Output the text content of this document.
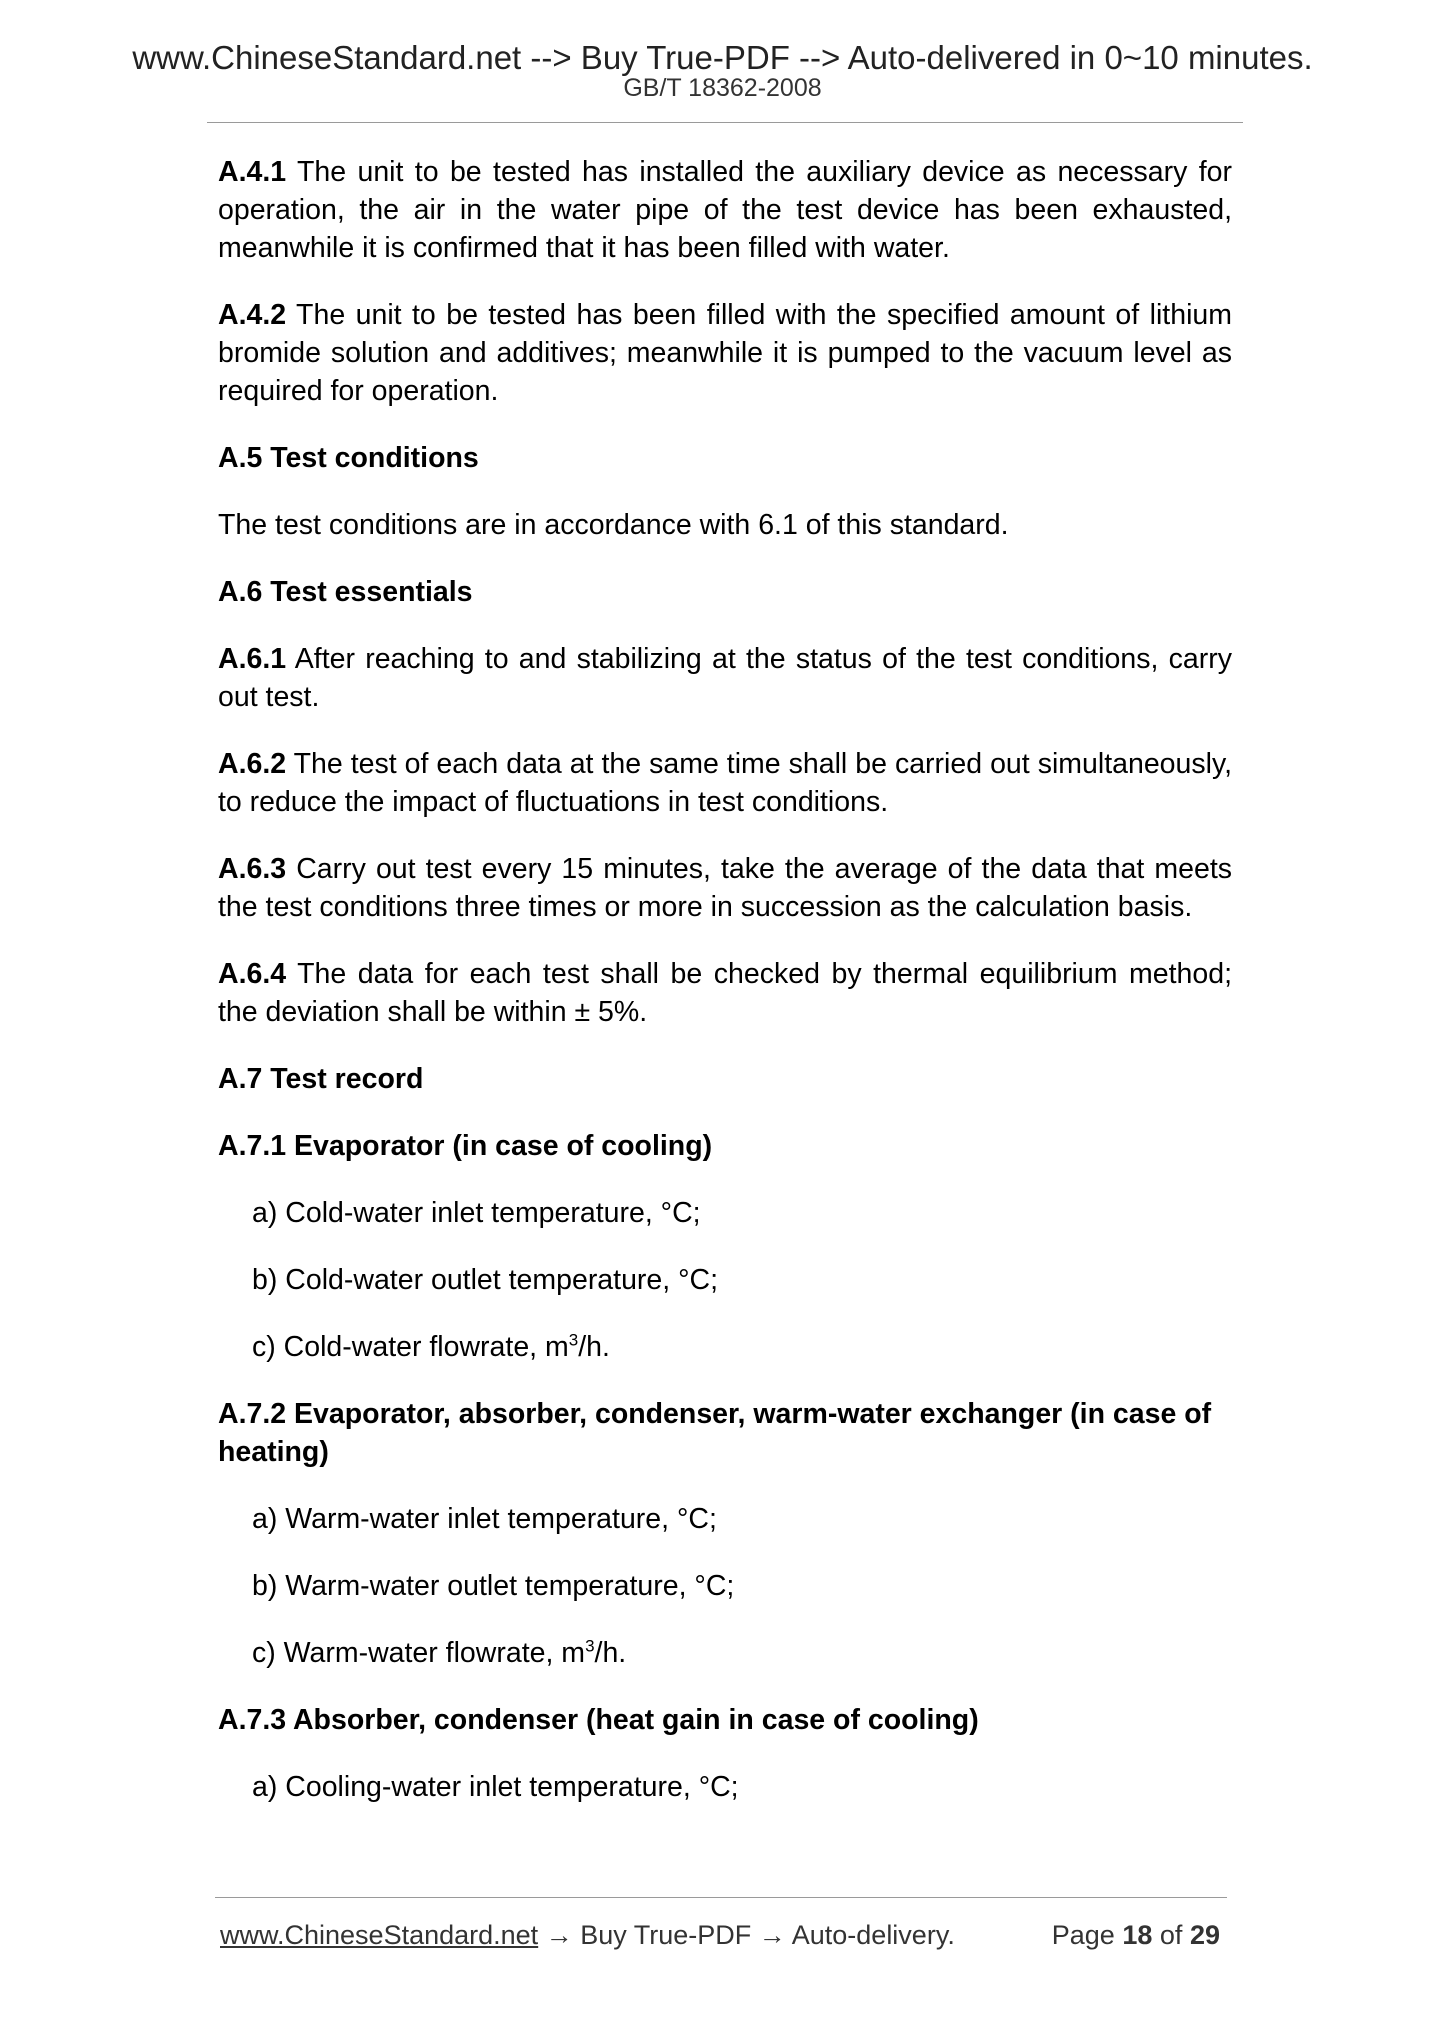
www.ChineseStandard.net --> Buy True-PDF --> Auto-delivered in 0~10 minutes.
GB/T 18362-2008

A.4.1 The unit to be tested has installed the auxiliary device as necessary for operation, the air in the water pipe of the test device has been exhausted, meanwhile it is confirmed that it has been filled with water.

A.4.2 The unit to be tested has been filled with the specified amount of lithium bromide solution and additives; meanwhile it is pumped to the vacuum level as required for operation.

A.5 Test conditions

The test conditions are in accordance with 6.1 of this standard.

A.6 Test essentials

A.6.1 After reaching to and stabilizing at the status of the test conditions, carry out test.

A.6.2 The test of each data at the same time shall be carried out simultaneously, to reduce the impact of fluctuations in test conditions.

A.6.3 Carry out test every 15 minutes, take the average of the data that meets the test conditions three times or more in succession as the calculation basis.

A.6.4 The data for each test shall be checked by thermal equilibrium method; the deviation shall be within ± 5%.

A.7 Test record

A.7.1 Evaporator (in case of cooling)

a) Cold-water inlet temperature, °C;

b) Cold-water outlet temperature, °C;

c) Cold-water flowrate, $m^3/h$.

A.7.2 Evaporator, absorber, condenser, warm-water exchanger (in case of heating)

a) Warm-water inlet temperature, °C;

b) Warm-water outlet temperature, °C;

c) Warm-water flowrate, $m^3/h$.

A.7.3 Absorber, condenser (heat gain in case of cooling)

a) Cooling-water inlet temperature, °C;

www.ChineseStandard.net → Buy True-PDF → Auto-delivery.	Page 18 of 29
